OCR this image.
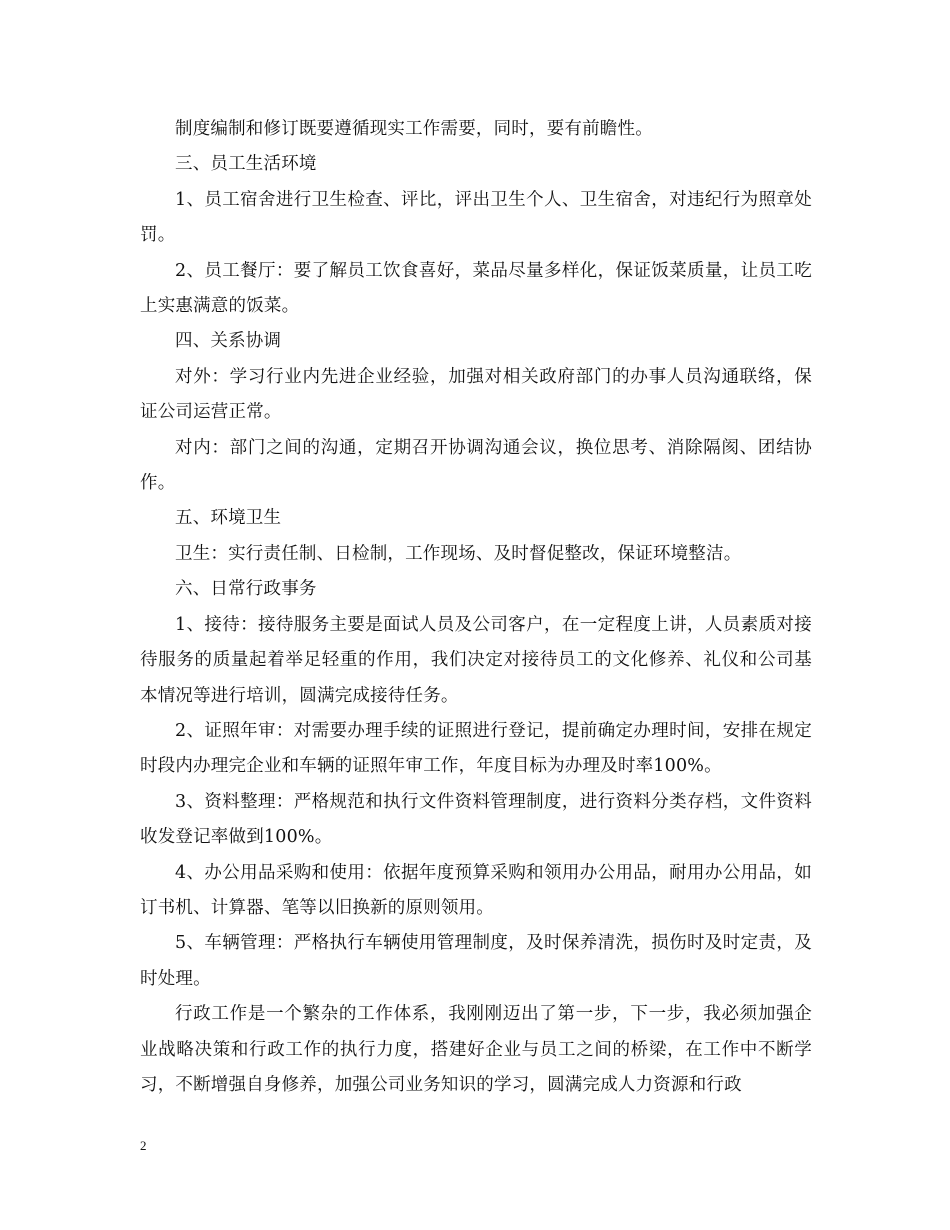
制度编制和修订既要遵循现实工作需要，同时，要有前瞻性。

三、员工生活环境

1、员工宿舍进行卫生检查、评比，评出卫生个人、卫生宿舍，对违纪行为照章处罚。

2、员工餐厅：要了解员工饮食喜好，菜品尽量多样化，保证饭菜质量，让员工吃上实惠满意的饭菜。

四、关系协调

对外：学习行业内先进企业经验，加强对相关政府部门的办事人员沟通联络，保证公司运营正常。

对内：部门之间的沟通，定期召开协调沟通会议，换位思考、消除隔阂、团结协作。

五、环境卫生

卫生：实行责任制、日检制，工作现场、及时督促整改，保证环境整洁。

六、日常行政事务

1、接待：接待服务主要是面试人员及公司客户，在一定程度上讲，人员素质对接待服务的质量起着举足轻重的作用，我们决定对接待员工的文化修养、礼仪和公司基本情况等进行培训，圆满完成接待任务。

2、证照年审：对需要办理手续的证照进行登记，提前确定办理时间，安排在规定时段内办理完企业和车辆的证照年审工作，年度目标为办理及时率100%。

3、资料整理：严格规范和执行文件资料管理制度，进行资料分类存档，文件资料收发登记率做到100%。

4、办公用品采购和使用：依据年度预算采购和领用办公用品，耐用办公用品，如订书机、计算器、笔等以旧换新的原则领用。

5、车辆管理：严格执行车辆使用管理制度，及时保养清洗，损伤时及时定责，及时处理。

行政工作是一个繁杂的工作体系，我刚刚迈出了第一步，下一步，我必须加强企业战略决策和行政工作的执行力度，搭建好企业与员工之间的桥梁，在工作中不断学习，不断增强自身修养，加强公司业务知识的学习，圆满完成人力资源和行政

2
